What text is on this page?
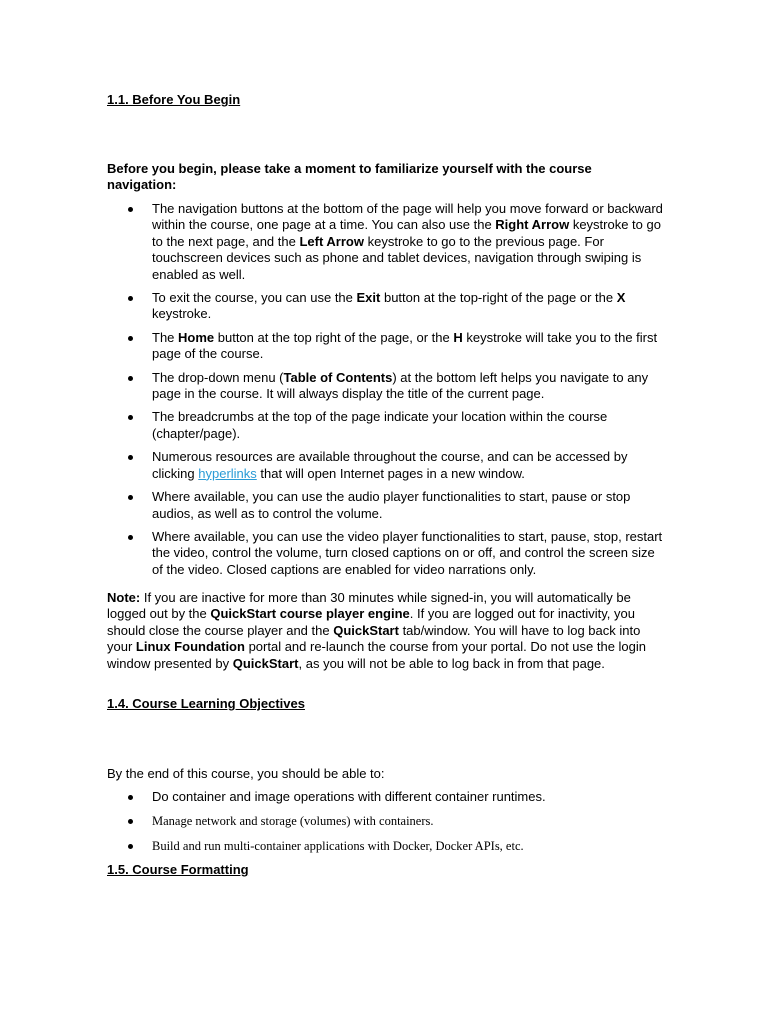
1.1. Before You Begin
Before you begin, please take a moment to familiarize yourself with the course navigation:
The navigation buttons at the bottom of the page will help you move forward or backward within the course, one page at a time. You can also use the Right Arrow keystroke to go to the next page, and the Left Arrow keystroke to go to the previous page. For touchscreen devices such as phone and tablet devices, navigation through swiping is enabled as well.
To exit the course, you can use the Exit button at the top-right of the page or the X keystroke.
The Home button at the top right of the page, or the H keystroke will take you to the first page of the course.
The drop-down menu (Table of Contents) at the bottom left helps you navigate to any page in the course. It will always display the title of the current page.
The breadcrumbs at the top of the page indicate your location within the course (chapter/page).
Numerous resources are available throughout the course, and can be accessed by clicking hyperlinks that will open Internet pages in a new window.
Where available, you can use the audio player functionalities to start, pause or stop audios, as well as to control the volume.
Where available, you can use the video player functionalities to start, pause, stop, restart the video, control the volume, turn closed captions on or off, and control the screen size of the video. Closed captions are enabled for video narrations only.
Note: If you are inactive for more than 30 minutes while signed-in, you will automatically be logged out by the QuickStart course player engine. If you are logged out for inactivity, you should close the course player and the QuickStart tab/window. You will have to log back into your Linux Foundation portal and re-launch the course from your portal. Do not use the login window presented by QuickStart, as you will not be able to log back in from that page.
1.4. Course Learning Objectives
By the end of this course, you should be able to:
Do container and image operations with different container runtimes.
Manage network and storage (volumes) with containers.
Build and run multi-container applications with Docker, Docker APIs, etc.
1.5. Course Formatting
